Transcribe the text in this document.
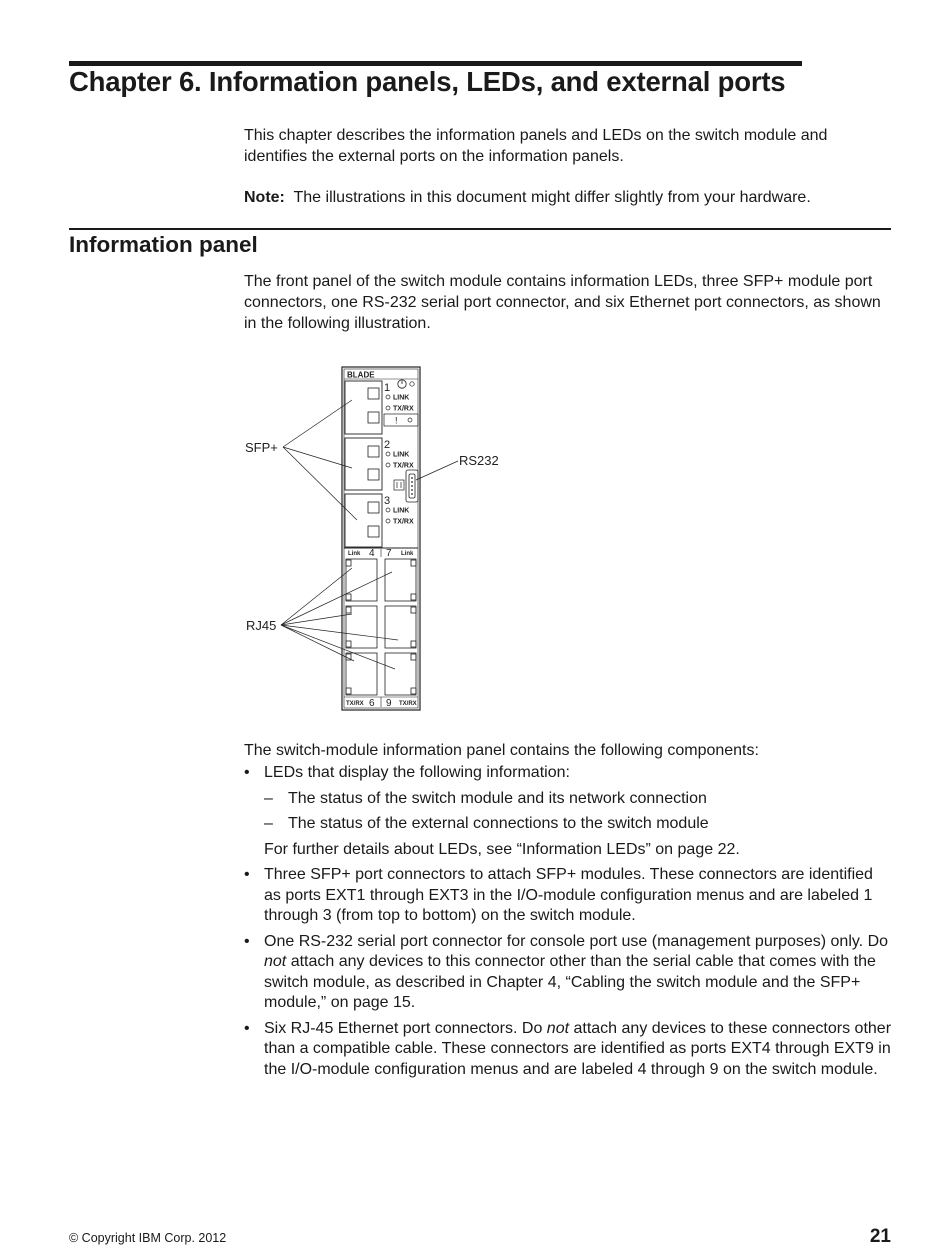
Chapter 6. Information panels, LEDs, and external ports

This chapter describes the information panels and LEDs on the switch module and identifies the external ports on the information panels.

Note: The illustrations in this document might differ slightly from your hardware.

Information panel

The front panel of the switch module contains information LEDs, three SFP+ module port connectors, one RS-232 serial port connector, and six Ethernet port connectors, as shown in the following illustration.

BLADE
1
LINK
TX/RX
!
2
LINK
TX/RX
3
LINK
TX/RX
Link 4 7 Link
TX/RX 6 9 TX/RX
SFP+
RS232
RJ45

The switch-module information panel contains the following components:

• LEDs that display the following information:
– The status of the switch module and its network connection
– The status of the external connections to the switch module
For further details about LEDs, see “Information LEDs” on page 22.
• Three SFP+ port connectors to attach SFP+ modules. These connectors are identified as ports EXT1 through EXT3 in the I/O-module configuration menus and are labeled 1 through 3 (from top to bottom) on the switch module.
• One RS-232 serial port connector for console port use (management purposes) only. Do not attach any devices to this connector other than the serial cable that comes with the switch module, as described in Chapter 4, “Cabling the switch module and the SFP+ module,” on page 15.
• Six RJ-45 Ethernet port connectors. Do not attach any devices to these connectors other than a compatible cable. These connectors are identified as ports EXT4 through EXT9 in the I/O-module configuration menus and are labeled 4 through 9 on the switch module.
© Copyright IBM Corp. 2012	21
